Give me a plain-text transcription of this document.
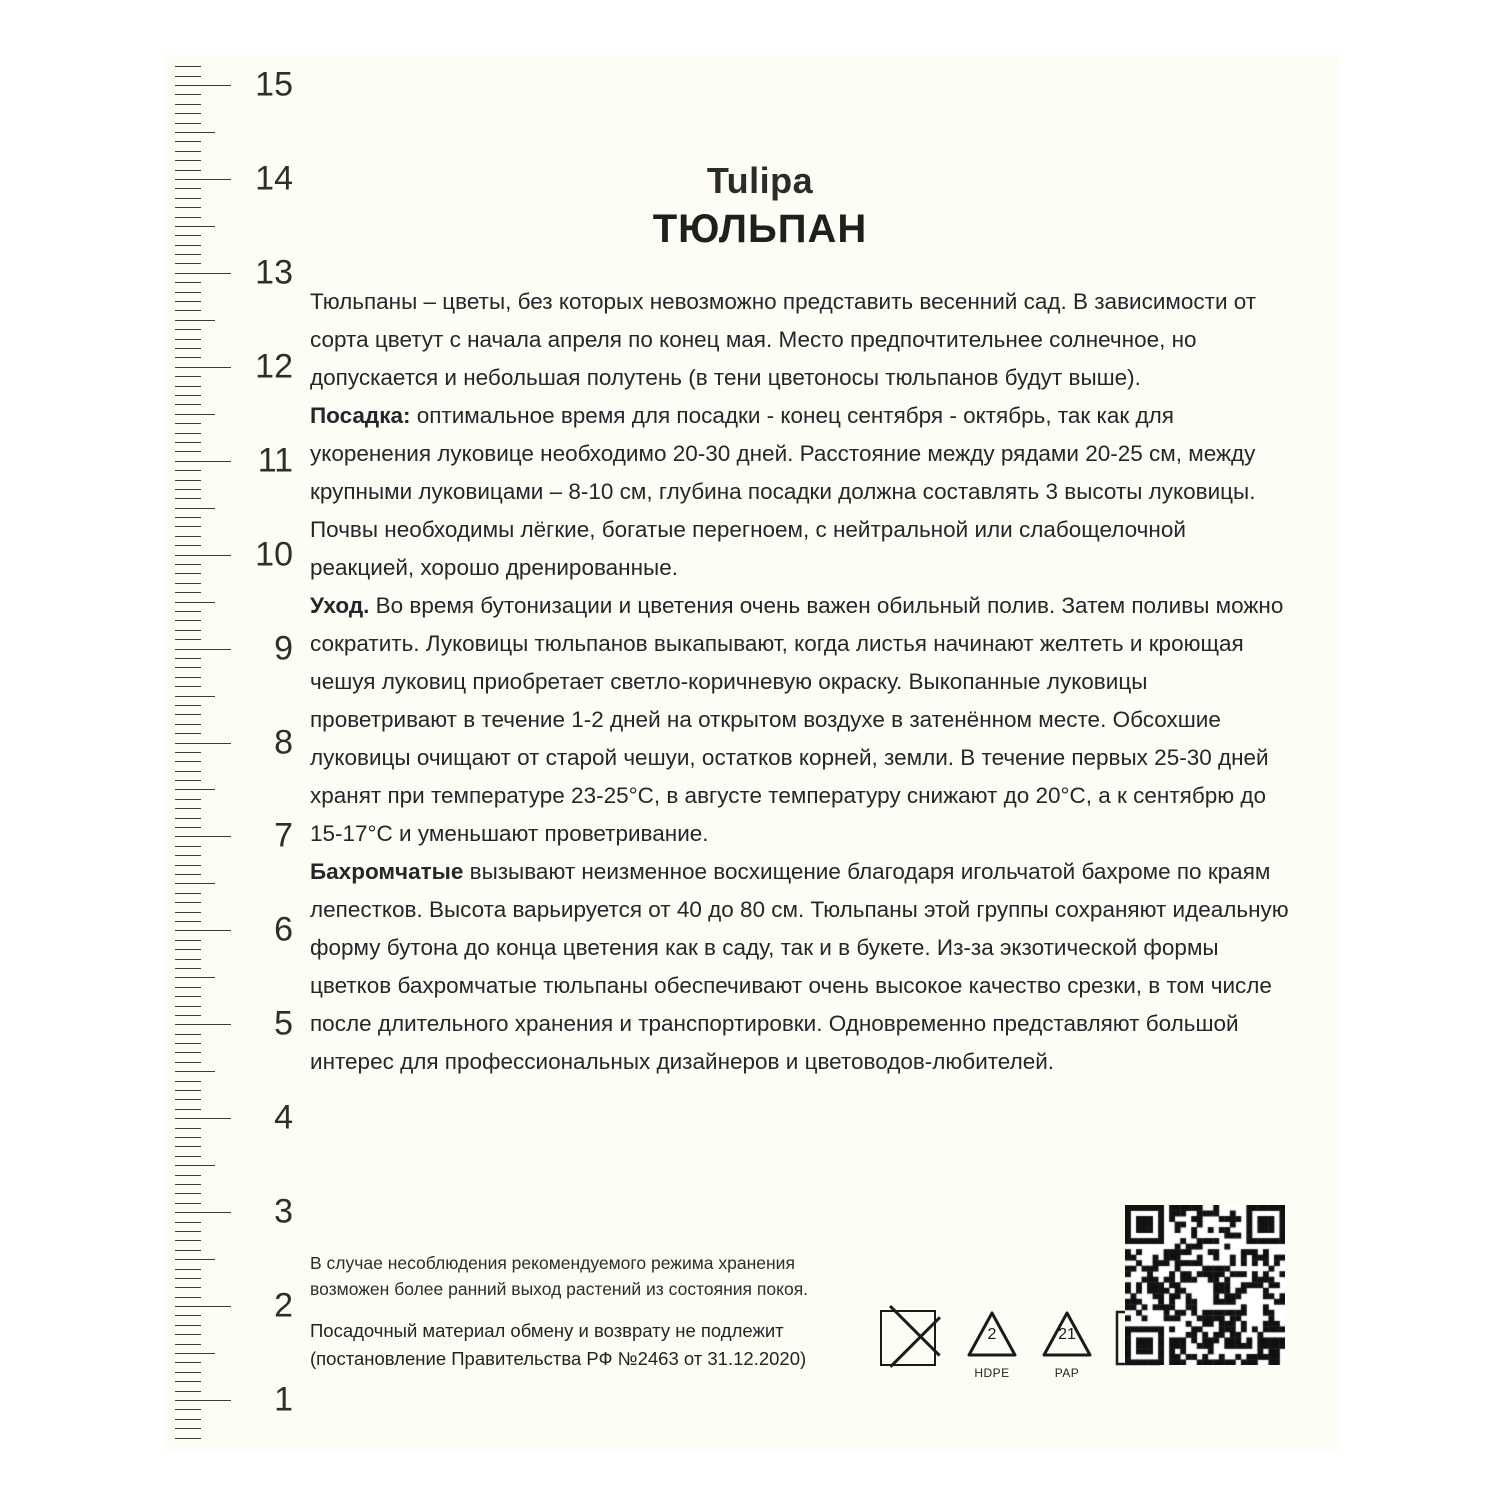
1
2
3
4
5
6
7
8
9
10
11
12
13
14
15
Tulipa
ТЮЛЬПАН

Тюльпаны – цветы, без которых невозможно представить весенний сад. В зависимости от сорта цветут с начала апреля по конец мая. Место предпочтительнее солнечное, но допускается и небольшая полутень (в тени цветоносы тюльпанов будут выше).

Посадка: оптимальное время для посадки - конец сентября - октябрь, так как для укоренения луковице необходимо 20-30 дней. Расстояние между рядами 20-25 см, между крупными луковицами – 8-10 см, глубина посадки должна составлять 3 высоты луковицы. Почвы необходимы лёгкие, богатые перегноем, с нейтральной или слабощелочной реакцией, хорошо дренированные.

Уход. Во время бутонизации и цветения очень важен обильный полив. Затем поливы можно сократить. Луковицы тюльпанов выкапывают, когда листья начинают желтеть и кроющая чешуя луковиц приобретает светло-коричневую окраску. Выкопанные луковицы проветривают в течение 1-2 дней на открытом воздухе в затенённом месте. Обсохшие луковицы очищают от старой чешуи, остатков корней, земли. В течение первых 25-30 дней хранят при температуре 23-25°С, в августе температуру снижают до 20°С, а к сентябрю до 15-17°С и уменьшают проветривание.

Бахромчатые вызывают неизменное восхищение благодаря игольчатой бахроме по краям лепестков. Высота варьируется от 40 до 80 см. Тюльпаны этой группы сохраняют идеальную форму бутона до конца цветения как в саду, так и в букете. Из-за экзотической формы цветков бахромчатые тюльпаны обеспечивают очень высокое качество срезки, в том числе после длительного хранения и транспортировки. Одновременно представляют большой интерес для профессиональных дизайнеров и цветоводов-любителей.

В случае несоблюдения рекомендуемого режима хранения
возможен более ранний выход растений из состояния покоя.
Посадочный материал обмену и возврату не подлежит
(постановление Правительства РФ №2463 от 31.12.2020)
2
HDPE
21
PAP
